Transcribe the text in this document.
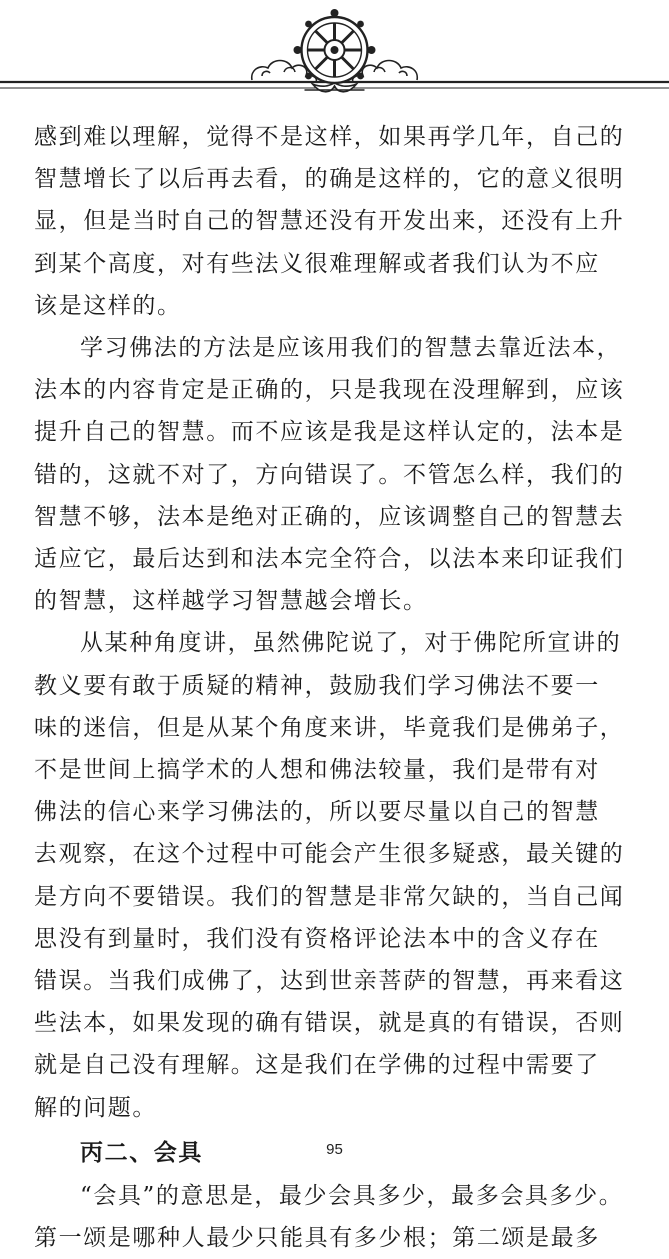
感到难以理解，觉得不是这样，如果再学几年，自己的
智慧增长了以后再去看，的确是这样的，它的意义很明
显，但是当时自己的智慧还没有开发出来，还没有上升
到某个高度，对有些法义很难理解或者我们认为不应
该是这样的。

学习佛法的方法是应该用我们的智慧去靠近法本，
法本的内容肯定是正确的，只是我现在没理解到，应该
提升自己的智慧。而不应该是我是这样认定的，法本是
错的，这就不对了，方向错误了。不管怎么样，我们的
智慧不够，法本是绝对正确的，应该调整自己的智慧去
适应它，最后达到和法本完全符合，以法本来印证我们
的智慧，这样越学习智慧越会增长。

从某种角度讲，虽然佛陀说了，对于佛陀所宣讲的
教义要有敢于质疑的精神，鼓励我们学习佛法不要一
味的迷信，但是从某个角度来讲，毕竟我们是佛弟子，
不是世间上搞学术的人想和佛法较量，我们是带有对
佛法的信心来学习佛法的，所以要尽量以自己的智慧
去观察，在这个过程中可能会产生很多疑惑，最关键的
是方向不要错误。我们的智慧是非常欠缺的，当自己闻
思没有到量时，我们没有资格评论法本中的含义存在
错误。当我们成佛了，达到世亲菩萨的智慧，再来看这
些法本，如果发现的确有错误，就是真的有错误，否则
就是自己没有理解。这是我们在学佛的过程中需要了
解的问题。

丙二、会具

“会具”的意思是，最少会具多少，最多会具多少。
第一颂是哪种人最少只能具有多少根；第二颂是最多

95
